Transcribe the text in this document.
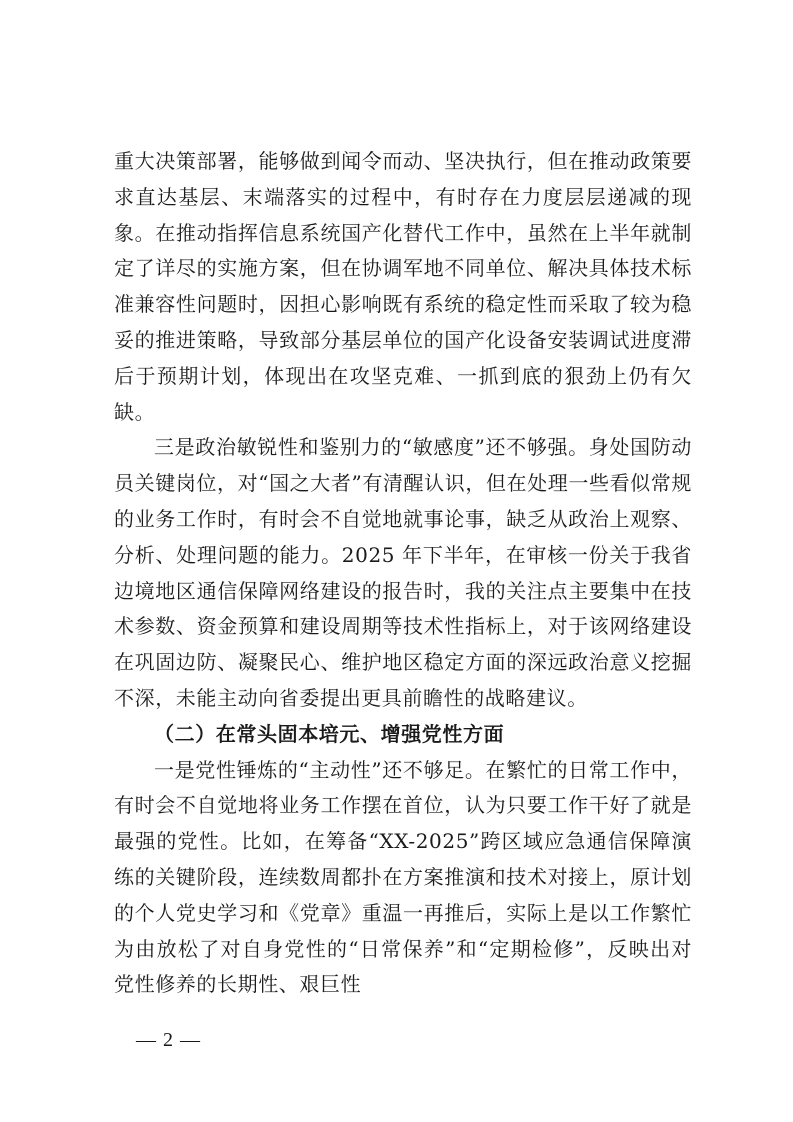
重大决策部署，能够做到闻令而动、坚决执行，但在推动政策要求直达基层、末端落实的过程中，有时存在力度层层递减的现象。在推动指挥信息系统国产化替代工作中，虽然在上半年就制定了详尽的实施方案，但在协调军地不同单位、解决具体技术标准兼容性问题时，因担心影响既有系统的稳定性而采取了较为稳妥的推进策略，导致部分基层单位的国产化设备安装调试进度滞后于预期计划，体现出在攻坚克难、一抓到底的狠劲上仍有欠缺。

三是政治敏锐性和鉴别力的“敏感度”还不够强。身处国防动员关键岗位，对“国之大者”有清醒认识，但在处理一些看似常规的业务工作时，有时会不自觉地就事论事，缺乏从政治上观察、分析、处理问题的能力。2025 年下半年，在审核一份关于我省边境地区通信保障网络建设的报告时，我的关注点主要集中在技术参数、资金预算和建设周期等技术性指标上，对于该网络建设在巩固边防、凝聚民心、维护地区稳定方面的深远政治意义挖掘不深，未能主动向省委提出更具前瞻性的战略建议。

（二）在常头固本培元、增强党性方面

一是党性锤炼的“主动性”还不够足。在繁忙的日常工作中，有时会不自觉地将业务工作摆在首位，认为只要工作干好了就是最强的党性。比如，在筹备“XX-2025”跨区域应急通信保障演练的关键阶段，连续数周都扑在方案推演和技术对接上，原计划的个人党史学习和《党章》重温一再推后，实际上是以工作繁忙为由放松了对自身党性的“日常保养”和“定期检修”，反映出对党性修养的长期性、艰巨性

— 2 —
